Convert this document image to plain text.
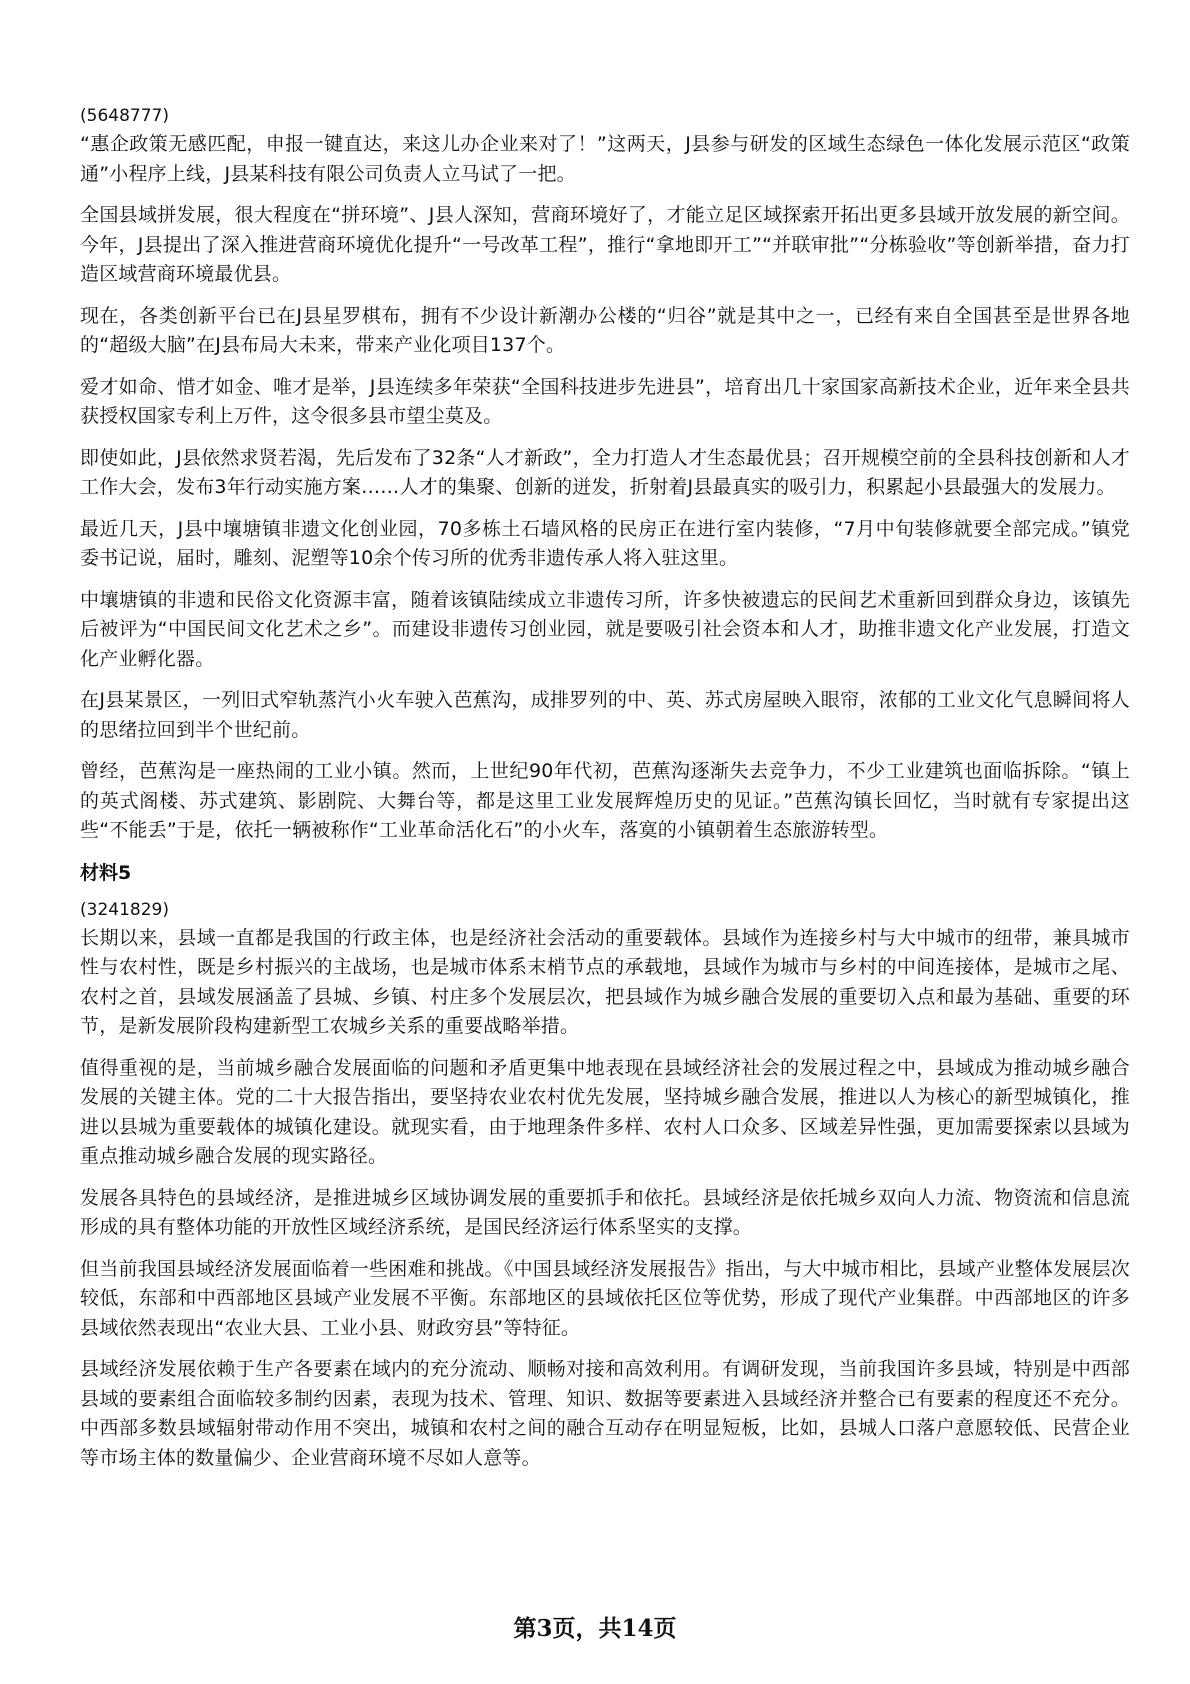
(5648777)

“惠企政策无感匹配，申报一键直达，来这儿办企业来对了！”这两天，J县参与研发的区域生态绿色一体化发展示范区“政策通”小程序上线，J县某科技有限公司负责人立马试了一把。

全国县域拼发展，很大程度在“拼环境”、J县人深知，营商环境好了，才能立足区域探索开拓出更多县域开放发展的新空间。今年，J县提出了深入推进营商环境优化提升“一号改革工程”，推行“拿地即开工”“并联审批”“分栋验收”等创新举措，奋力打造区域营商环境最优县。

现在，各类创新平台已在J县星罗棋布，拥有不少设计新潮办公楼的“归谷”就是其中之一，已经有来自全国甚至是世界各地的“超级大脑”在J县布局大未来，带来产业化项目137个。

爱才如命、惜才如金、唯才是举，J县连续多年荣获“全国科技进步先进县”，培育出几十家国家高新技术企业，近年来全县共获授权国家专利上万件，这令很多县市望尘莫及。

即使如此，J县依然求贤若渴，先后发布了32条“人才新政”，全力打造人才生态最优县；召开规模空前的全县科技创新和人才工作大会，发布3年行动实施方案……人才的集聚、创新的迸发，折射着J县最真实的吸引力，积累起小县最强大的发展力。

最近几天，J县中壤塘镇非遗文化创业园，70多栋土石墙风格的民房正在进行室内装修，“7月中旬装修就要全部完成。”镇党委书记说，届时，雕刻、泥塑等10余个传习所的优秀非遗传承人将入驻这里。

中壤塘镇的非遗和民俗文化资源丰富，随着该镇陆续成立非遗传习所，许多快被遗忘的民间艺术重新回到群众身边，该镇先后被评为“中国民间文化艺术之乡”。而建设非遗传习创业园，就是要吸引社会资本和人才，助推非遗文化产业发展，打造文化产业孵化器。

在J县某景区，一列旧式窄轨蒸汽小火车驶入芭蕉沟，成排罗列的中、英、苏式房屋映入眼帘，浓郁的工业文化气息瞬间将人的思绪拉回到半个世纪前。

曾经，芭蕉沟是一座热闹的工业小镇。然而，上世纪90年代初，芭蕉沟逐渐失去竞争力，不少工业建筑也面临拆除。“镇上的英式阁楼、苏式建筑、影剧院、大舞台等，都是这里工业发展辉煌历史的见证。”芭蕉沟镇长回忆，当时就有专家提出这些“不能丢”于是，依托一辆被称作“工业革命活化石”的小火车，落寞的小镇朝着生态旅游转型。

材料5

(3241829)

长期以来，县域一直都是我国的行政主体，也是经济社会活动的重要载体。县域作为连接乡村与大中城市的纽带，兼具城市性与农村性，既是乡村振兴的主战场，也是城市体系末梢节点的承载地，县域作为城市与乡村的中间连接体，是城市之尾、农村之首，县域发展涵盖了县城、乡镇、村庄多个发展层次，把县域作为城乡融合发展的重要切入点和最为基础、重要的环节，是新发展阶段构建新型工农城乡关系的重要战略举措。

值得重视的是，当前城乡融合发展面临的问题和矛盾更集中地表现在县域经济社会的发展过程之中，县域成为推动城乡融合发展的关键主体。党的二十大报告指出，要坚持农业农村优先发展，坚持城乡融合发展，推进以人为核心的新型城镇化，推进以县城为重要载体的城镇化建设。就现实看，由于地理条件多样、农村人口众多、区域差异性强，更加需要探索以县域为重点推动城乡融合发展的现实路径。

发展各具特色的县域经济，是推进城乡区域协调发展的重要抓手和依托。县域经济是依托城乡双向人力流、物资流和信息流形成的具有整体功能的开放性区域经济系统，是国民经济运行体系坚实的支撑。

但当前我国县域经济发展面临着一些困难和挑战。《中国县域经济发展报告》指出，与大中城市相比，县域产业整体发展层次较低，东部和中西部地区县域产业发展不平衡。东部地区的县域依托区位等优势，形成了现代产业集群。中西部地区的许多县域依然表现出“农业大县、工业小县、财政穷县”等特征。

县域经济发展依赖于生产各要素在域内的充分流动、顺畅对接和高效利用。有调研发现，当前我国许多县域，特别是中西部县域的要素组合面临较多制约因素，表现为技术、管理、知识、数据等要素进入县域经济并整合已有要素的程度还不充分。中西部多数县域辐射带动作用不突出，城镇和农村之间的融合互动存在明显短板，比如，县城人口落户意愿较低、民营企业等市场主体的数量偏少、企业营商环境不尽如人意等。

第3页，共14页
